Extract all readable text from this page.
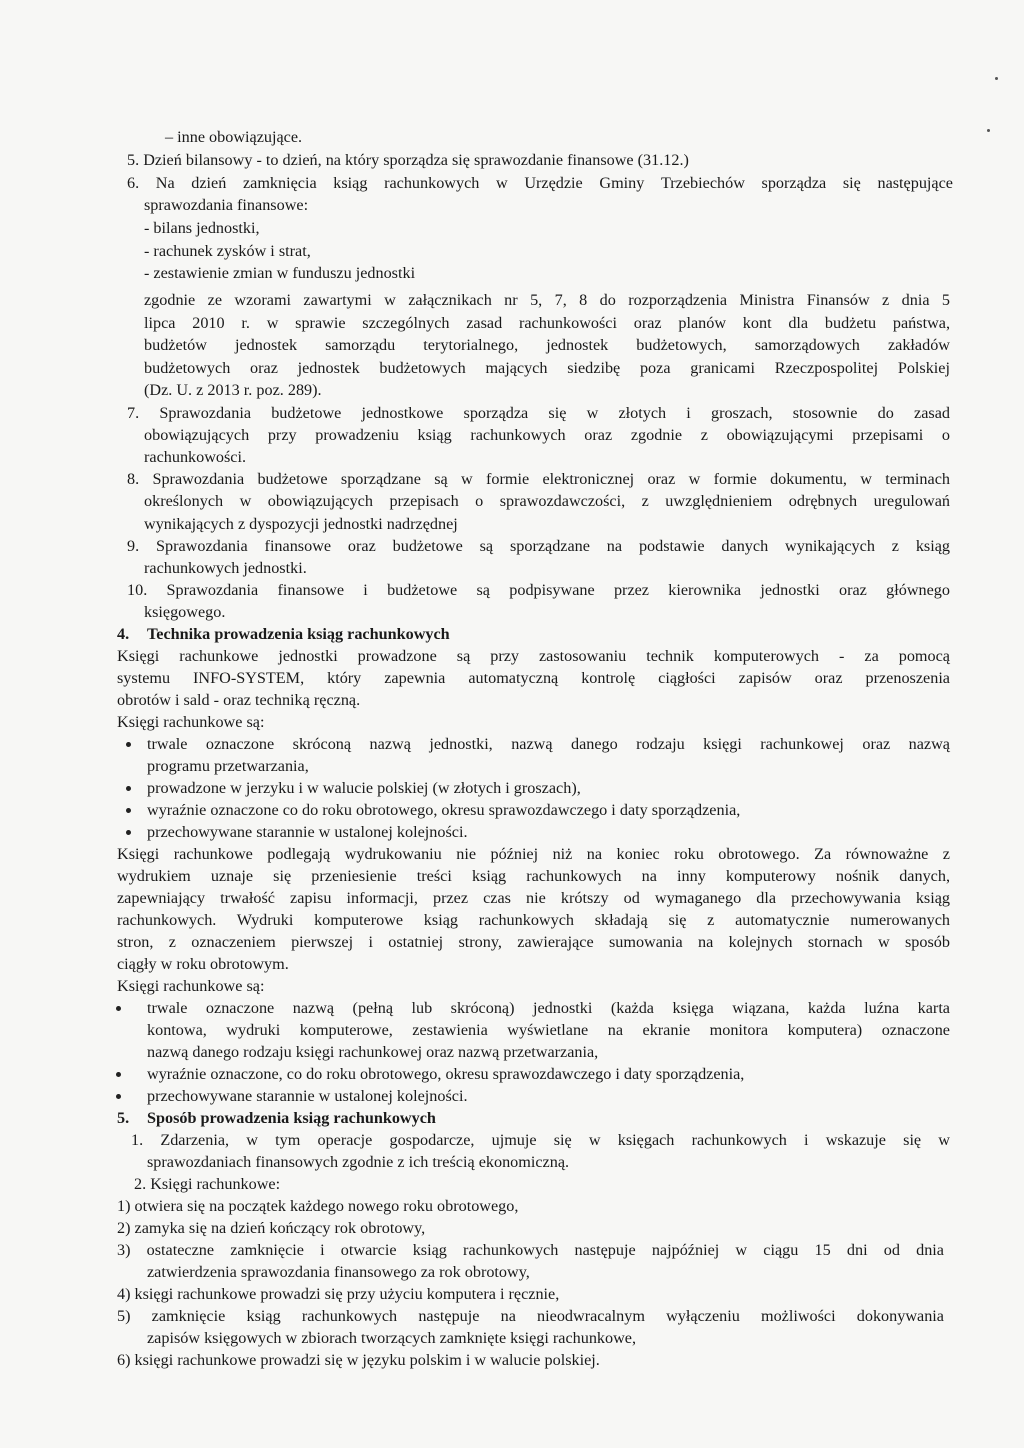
– inne obowiązujące.
5. Dzień bilansowy - to dzień, na który sporządza się sprawozdanie finansowe (31.12.)
6. Na dzień zamknięcia ksiąg rachunkowych w Urzędzie Gminy Trzebiechów sporządza się następujące
sprawozdania finansowe:
- bilans jednostki,
- rachunek zysków i strat,
- zestawienie zmian w funduszu jednostki
zgodnie ze wzorami zawartymi w załącznikach nr 5, 7, 8 do rozporządzenia Ministra Finansów z dnia 5
lipca 2010 r. w sprawie szczególnych zasad rachunkowości oraz planów kont dla budżetu państwa,
budżetów jednostek samorządu terytorialnego, jednostek budżetowych, samorządowych zakładów
budżetowych oraz jednostek budżetowych mających siedzibę poza granicami Rzeczpospolitej Polskiej
(Dz. U. z 2013 r. poz. 289).
7. Sprawozdania budżetowe jednostkowe sporządza się w złotych i groszach, stosownie do zasad
obowiązujących przy prowadzeniu ksiąg rachunkowych oraz zgodnie z obowiązującymi przepisami o
rachunkowości.
8. Sprawozdania budżetowe sporządzane są w formie elektronicznej oraz w formie dokumentu, w terminach
określonych w obowiązujących przepisach o sprawozdawczości, z uwzględnieniem odrębnych uregulowań
wynikających z dyspozycji jednostki nadrzędnej
9. Sprawozdania finansowe oraz budżetowe są sporządzane na podstawie danych wynikających z ksiąg
rachunkowych jednostki.
10. Sprawozdania finansowe i budżetowe są podpisywane przez kierownika jednostki oraz głównego
księgowego.
4. Technika prowadzenia ksiąg rachunkowych
Księgi rachunkowe jednostki prowadzone są przy zastosowaniu technik komputerowych - za pomocą
systemu INFO-SYSTEM, który zapewnia automatyczną kontrolę ciągłości zapisów oraz przenoszenia
obrotów i sald - oraz techniką ręczną.
Księgi rachunkowe są:
trwale oznaczone skróconą nazwą jednostki, nazwą danego rodzaju księgi rachunkowej oraz nazwą
programu przetwarzania,
prowadzone w jerzyku i w walucie polskiej (w złotych i groszach),
wyraźnie oznaczone co do roku obrotowego, okresu sprawozdawczego i daty sporządzenia,
przechowywane starannie w ustalonej kolejności.
Księgi rachunkowe podlegają wydrukowaniu nie później niż na koniec roku obrotowego. Za równoważne z
wydrukiem uznaje się przeniesienie treści ksiąg rachunkowych na inny komputerowy nośnik danych,
zapewniający trwałość zapisu informacji, przez czas nie krótszy od wymaganego dla przechowywania ksiąg
rachunkowych. Wydruki komputerowe ksiąg rachunkowych składają się z automatycznie numerowanych
stron, z oznaczeniem pierwszej i ostatniej strony, zawierające sumowania na kolejnych stornach w sposób
ciągły w roku obrotowym.
Księgi rachunkowe są:
trwale oznaczone nazwą (pełną lub skróconą) jednostki (każda księga wiązana, każda luźna karta
kontowa, wydruki komputerowe, zestawienia wyświetlane na ekranie monitora komputera) oznaczone
nazwą danego rodzaju księgi rachunkowej oraz nazwą przetwarzania,
wyraźnie oznaczone, co do roku obrotowego, okresu sprawozdawczego i daty sporządzenia,
przechowywane starannie w ustalonej kolejności.
5. Sposób prowadzenia ksiąg rachunkowych
1. Zdarzenia, w tym operacje gospodarcze, ujmuje się w księgach rachunkowych i wskazuje się w
sprawozdaniach finansowych zgodnie z ich treścią ekonomiczną.
2. Księgi rachunkowe:
1) otwiera się na początek każdego nowego roku obrotowego,
2) zamyka się na dzień kończący rok obrotowy,
3) ostateczne zamknięcie i otwarcie ksiąg rachunkowych następuje najpóźniej w ciągu 15 dni od dnia
zatwierdzenia sprawozdania finansowego za rok obrotowy,
4) księgi rachunkowe prowadzi się przy użyciu komputera i ręcznie,
5) zamknięcie ksiąg rachunkowych następuje na nieodwracalnym wyłączeniu możliwości dokonywania
zapisów księgowych w zbiorach tworzących zamknięte księgi rachunkowe,
6) księgi rachunkowe prowadzi się w języku polskim i w walucie polskiej.
